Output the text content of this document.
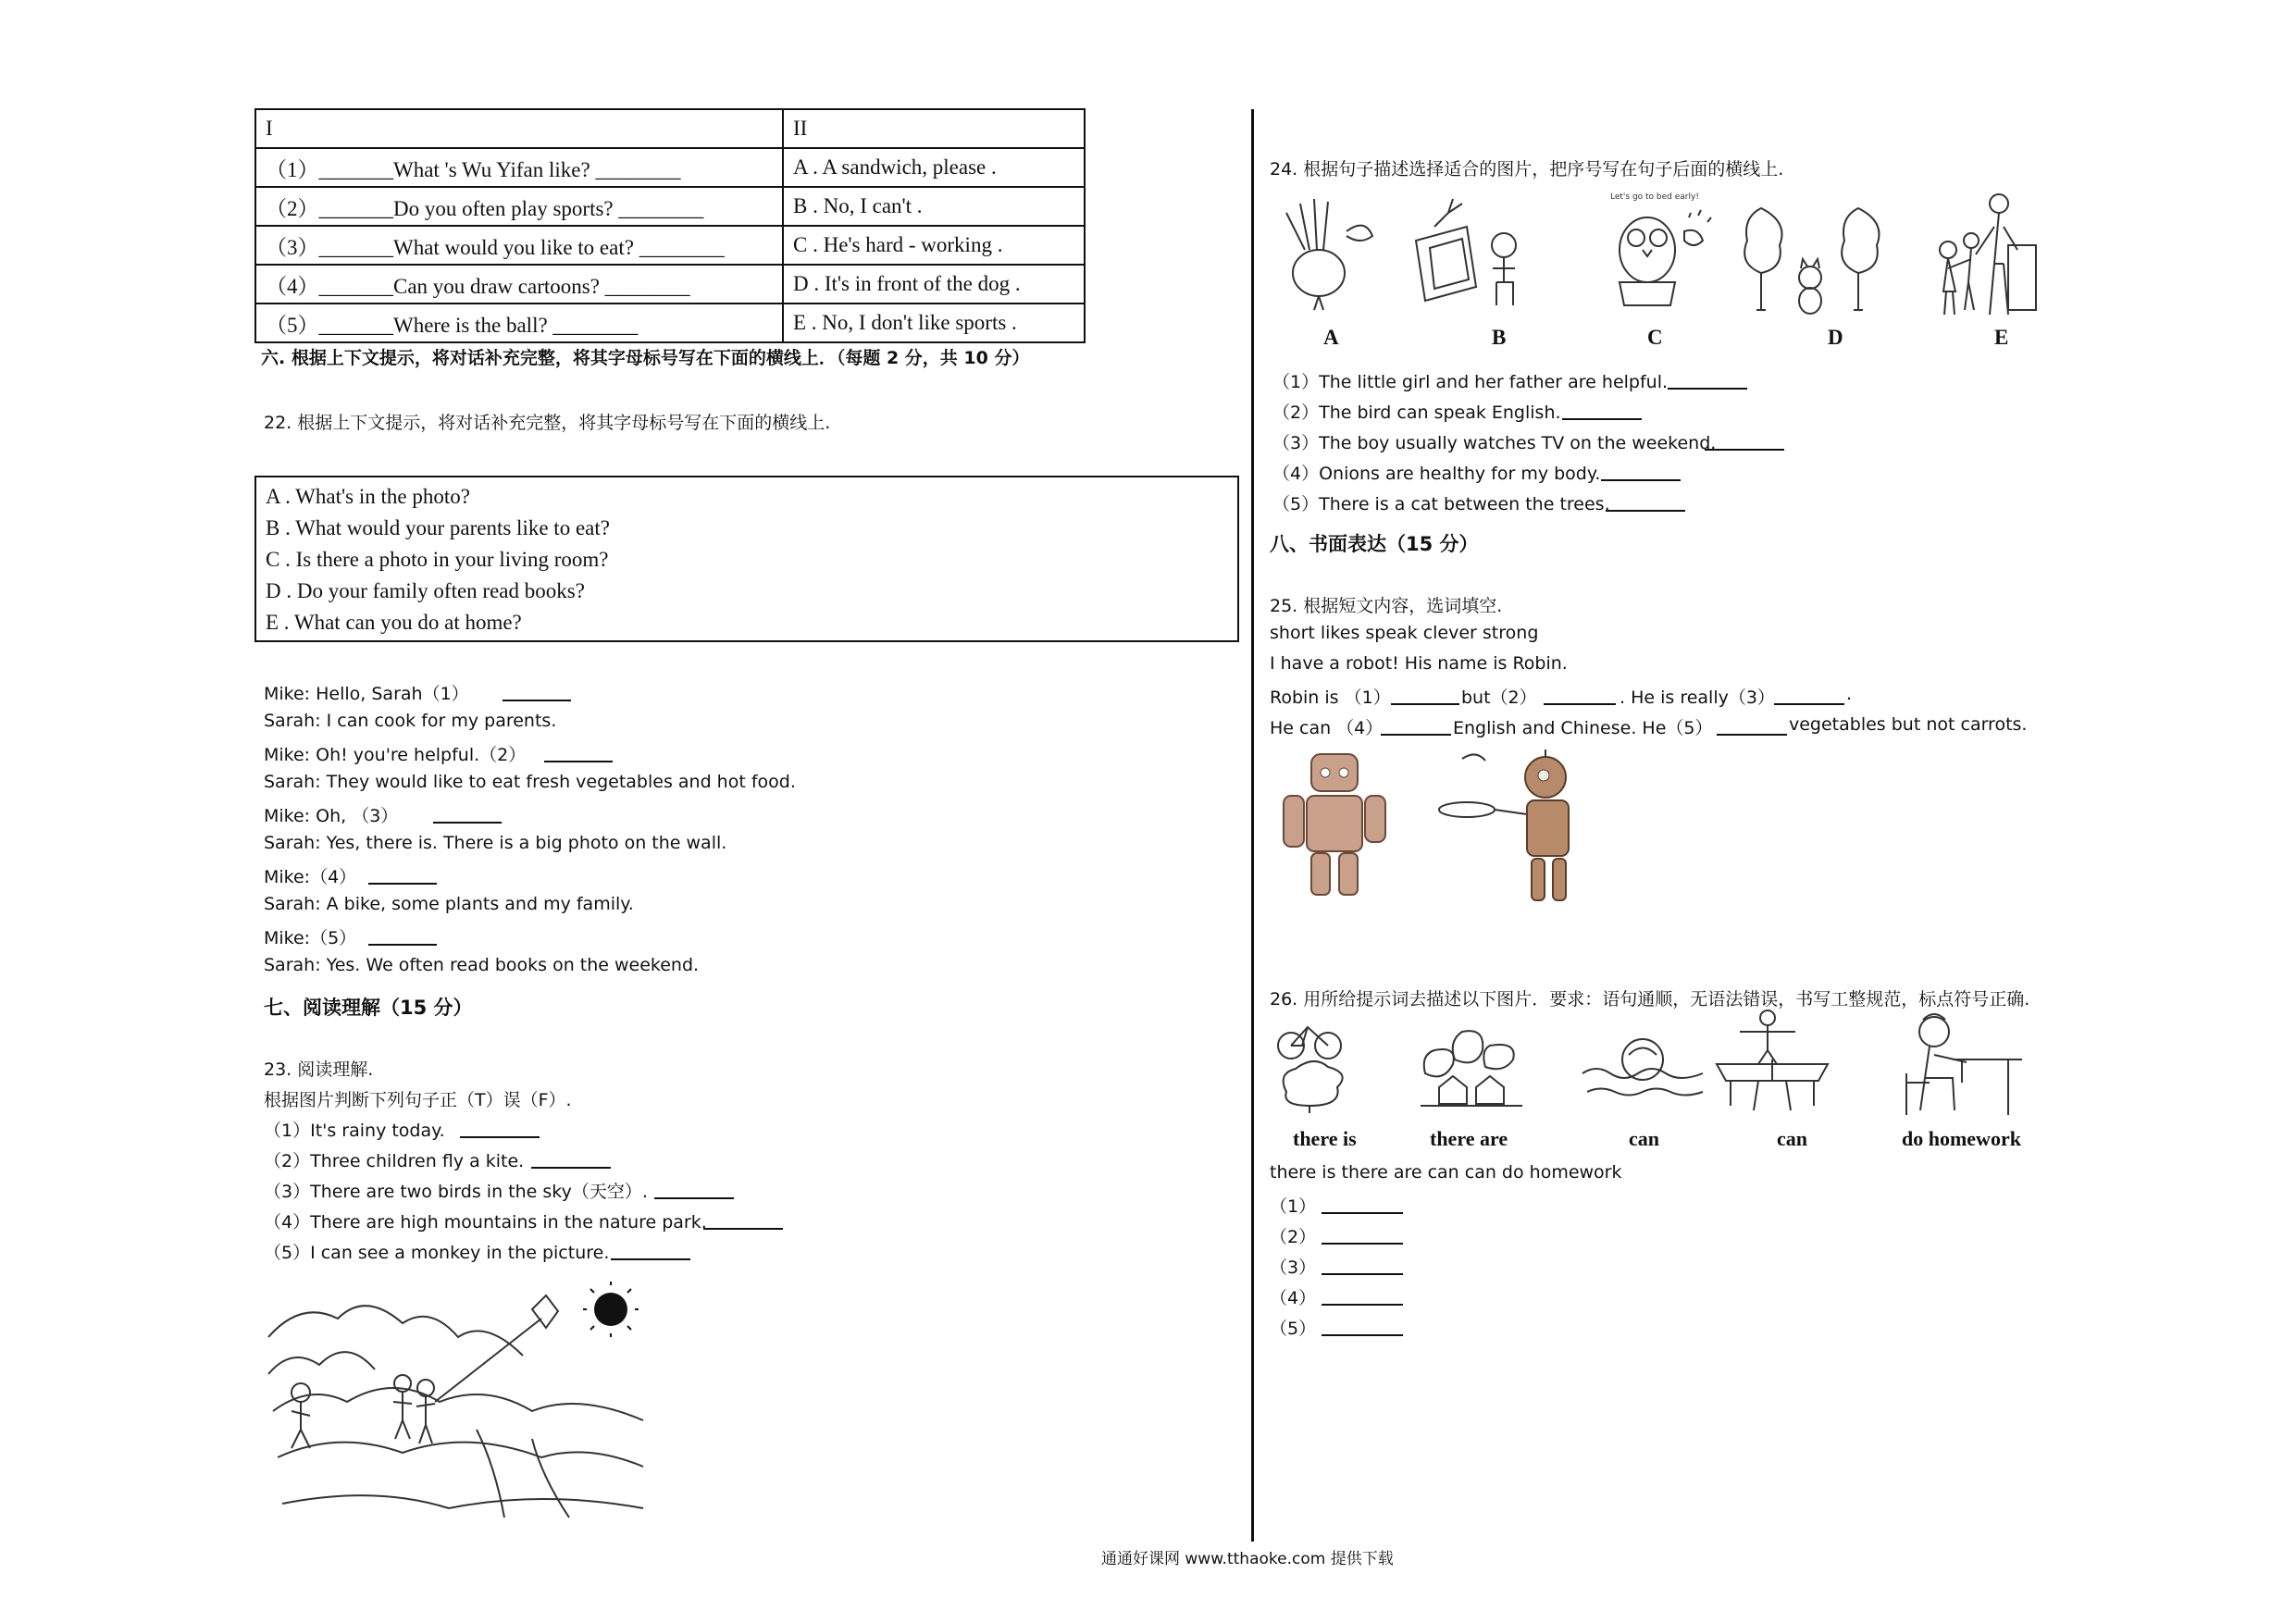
I	II
（1）_______What 's Wu Yifan like? ________	A . A sandwich, please .
（2）_______Do you often play sports? ________	B . No, I can't .
（3）_______What would you like to eat? ________	C . He's hard - working .
（4）_______Can you draw cartoons? ________	D . It's in front of the dog .
（5）_______Where is the ball? ________	E . No, I don't like sports .
六. 根据上下文提示，将对话补充完整，将其字母标号写在下面的横线上．（每题 2 分，共 10 分）
22. 根据上下文提示，将对话补充完整，将其字母标号写在下面的横线上.
A . What's in the photo?
B . What would your parents like to eat?
C . Is there a photo in your living room?
D . Do your family often read books?
E . What can you do at home?
Mike: Hello, Sarah（1）
Sarah: I can cook for my parents.
Mike: Oh! you're helpful.（2）
Sarah: They would like to eat fresh vegetables and hot food.
Mike: Oh, （3）
Sarah: Yes, there is. There is a big photo on the wall.
Mike:（4）
Sarah: A bike, some plants and my family.
Mike:（5）
Sarah: Yes. We often read books on the weekend.
七、阅读理解（15 分）
23. 阅读理解.
根据图片判断下列句子正（T）误（F）.
（1）It's rainy today.
（2）Three children fly a kite.
（3）There are two birds in the sky（天空）.
（4）There are high mountains in the nature park.
（5）I can see a monkey in the picture.
24. 根据句子描述选择适合的图片，把序号写在句子后面的横线上.
Let's go to bed early!
A	B	C	D	E
（1）The little girl and her father are helpful.
（2）The bird can speak English.
（3）The boy usually watches TV on the weekend.
（4）Onions are healthy for my body.
（5）There is a cat between the trees.
八、书面表达（15 分）
25. 根据短文内容，选词填空.
short likes speak clever strong
I have a robot! His name is Robin.
Robin is （1）	but（2）	. He is really（3）	.
He can （4）	English and Chinese. He（5）	vegetables but not carrots.
26. 用所给提示词去描述以下图片．要求：语句通顺，无语法错误，书写工整规范，标点符号正确.
there is	there are	can	can	do homework
there is there are can can do homework
（1）
（2）
（3）
（4）
（5）
通通好课网 www.tthaoke.com 提供下载
